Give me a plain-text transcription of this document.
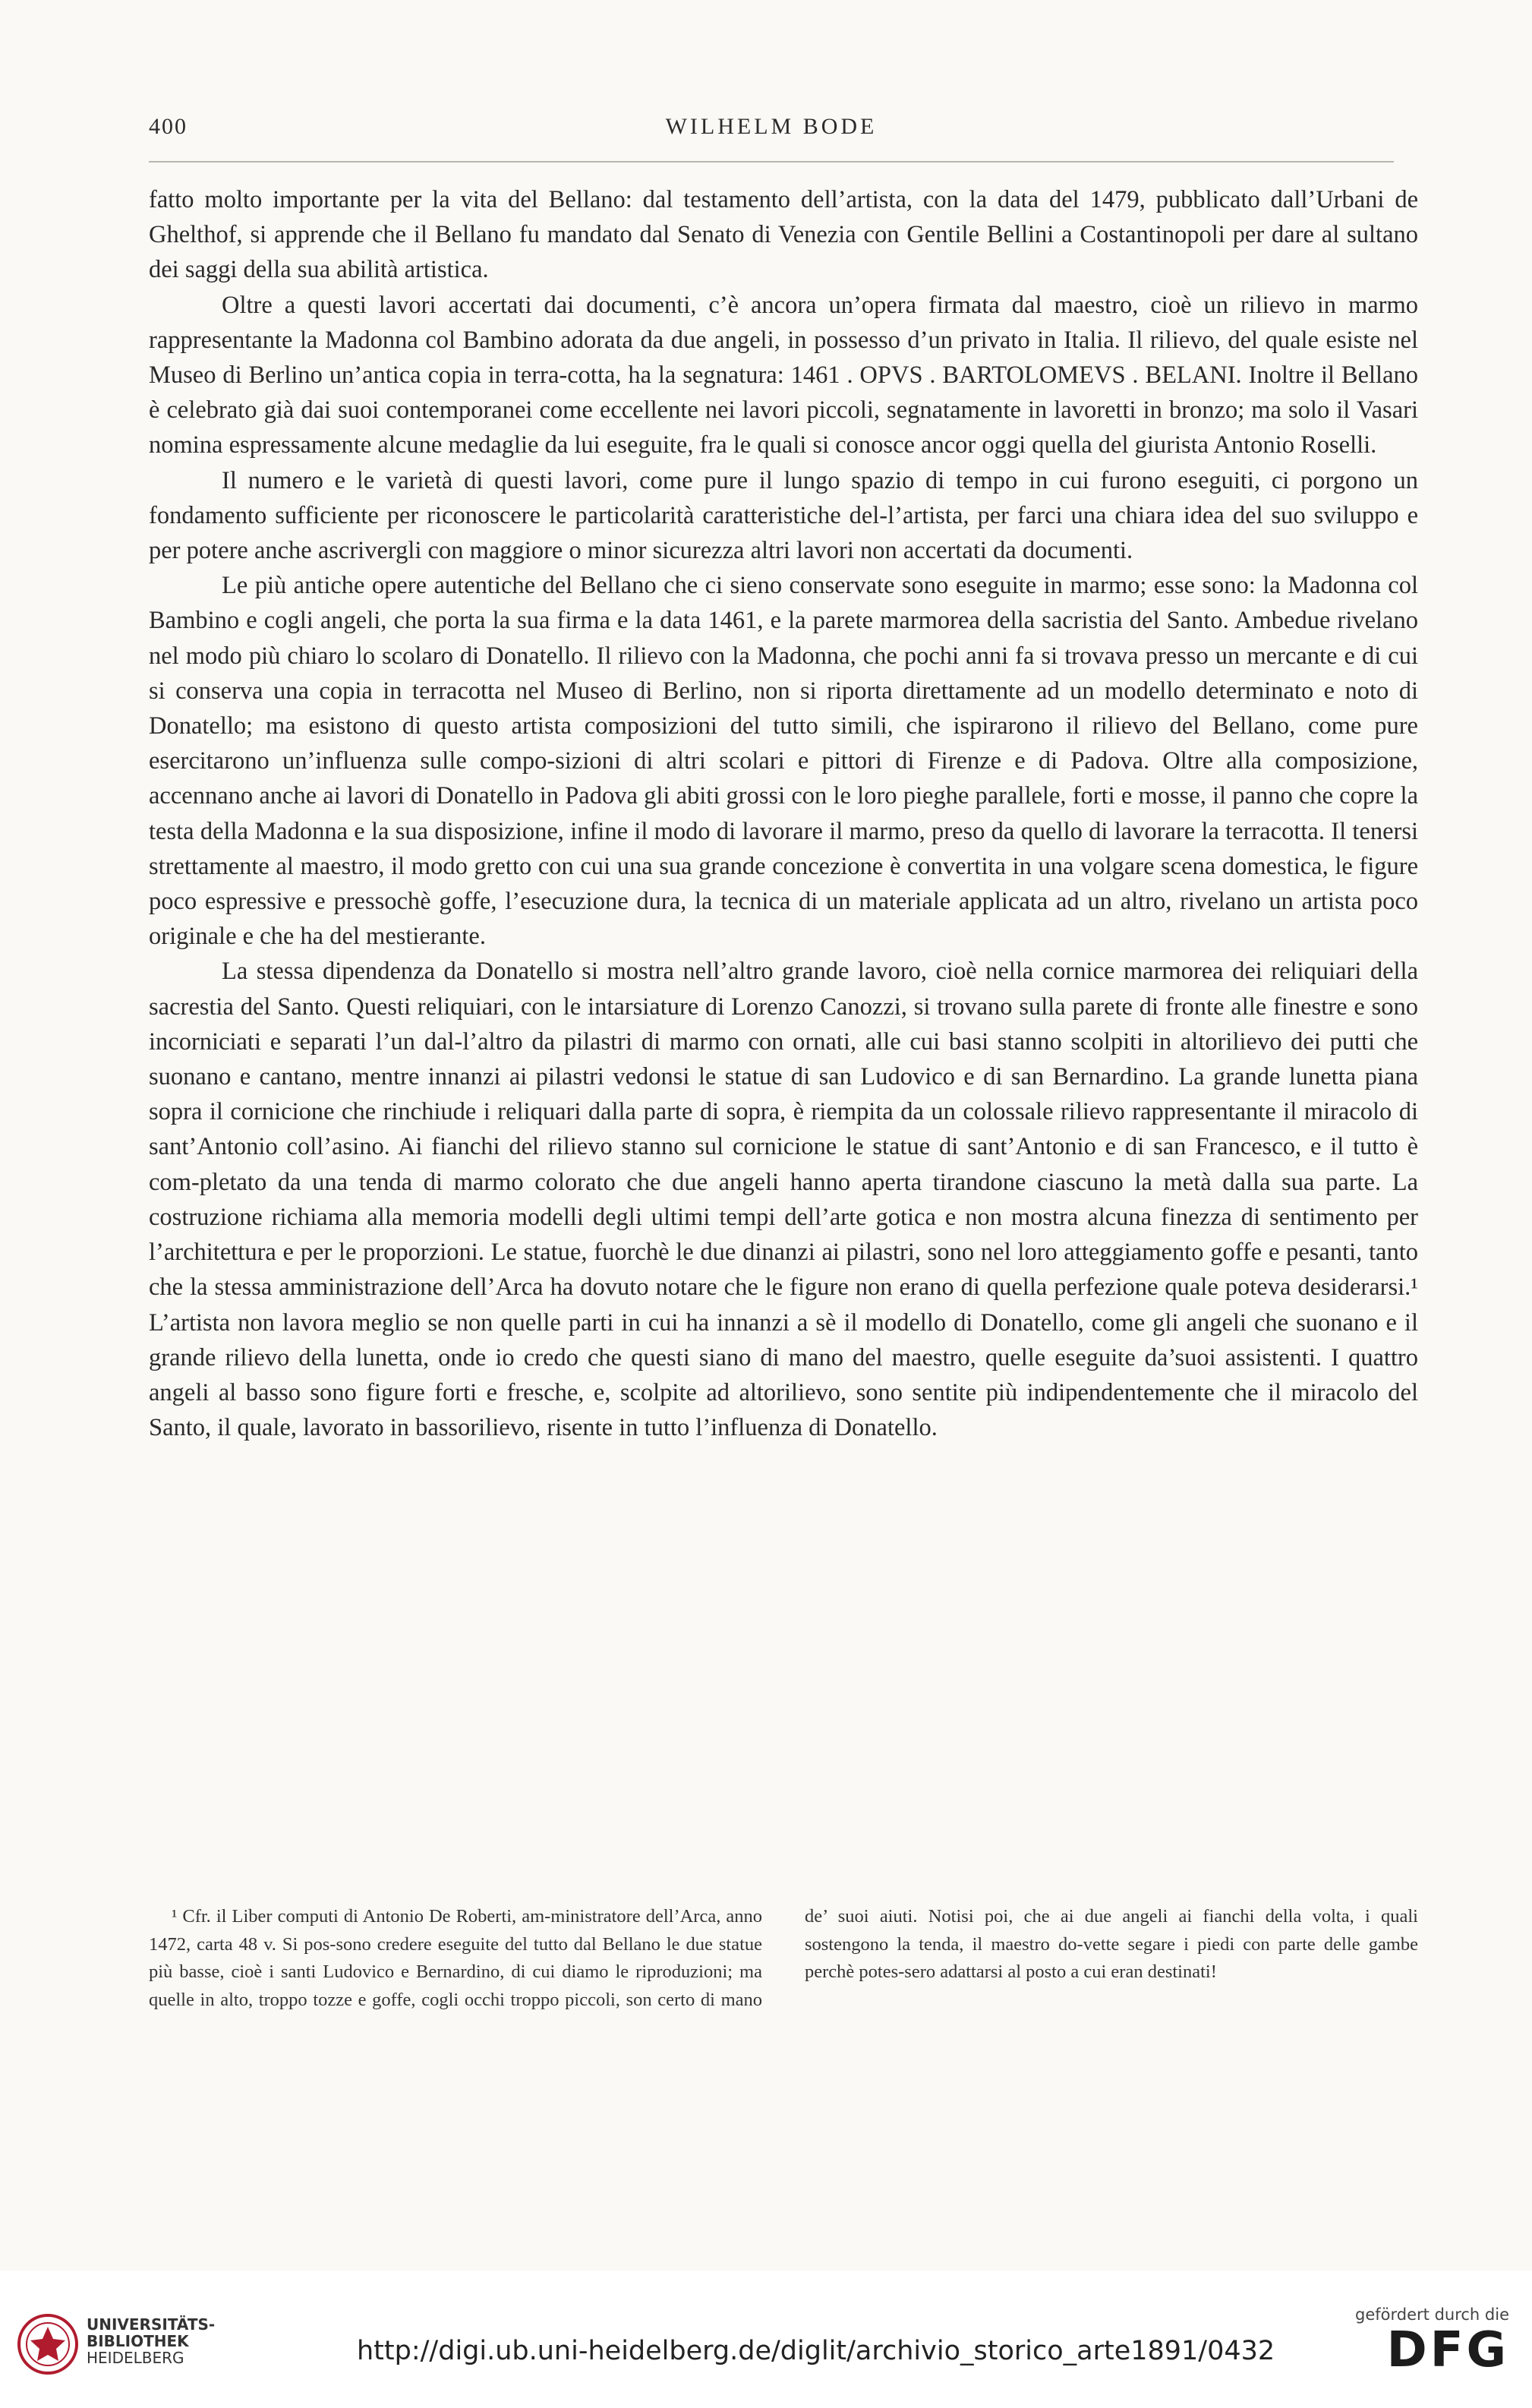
400	WILHELM BODE

fatto molto importante per la vita del Bellano: dal testamento dell’artista, con la data del 1479, pubblicato dall’Urbani de Ghelthof, si apprende che il Bellano fu mandato dal Senato di Venezia con Gentile Bellini a Costantinopoli per dare al sultano dei saggi della sua abilità artistica.

Oltre a questi lavori accertati dai documenti, c’è ancora un’opera firmata dal maestro, cioè un rilievo in marmo rappresentante la Madonna col Bambino adorata da due angeli, in possesso d’un privato in Italia. Il rilievo, del quale esiste nel Museo di Berlino un’antica copia in terra-cotta, ha la segnatura: 1461 . OPVS . BARTOLOMEVS . BELANI. Inoltre il Bellano è celebrato già dai suoi contemporanei come eccellente nei lavori piccoli, segnatamente in lavoretti in bronzo; ma solo il Vasari nomina espressamente alcune medaglie da lui eseguite, fra le quali si conosce ancor oggi quella del giurista Antonio Roselli.

Il numero e le varietà di questi lavori, come pure il lungo spazio di tempo in cui furono eseguiti, ci porgono un fondamento sufficiente per riconoscere le particolarità caratteristiche del-l’artista, per farci una chiara idea del suo sviluppo e per potere anche ascrivergli con maggiore o minor sicurezza altri lavori non accertati da documenti.

Le più antiche opere autentiche del Bellano che ci sieno conservate sono eseguite in marmo; esse sono: la Madonna col Bambino e cogli angeli, che porta la sua firma e la data 1461, e la parete marmorea della sacristia del Santo. Ambedue rivelano nel modo più chiaro lo scolaro di Donatello. Il rilievo con la Madonna, che pochi anni fa si trovava presso un mercante e di cui si conserva una copia in terracotta nel Museo di Berlino, non si riporta direttamente ad un modello determinato e noto di Donatello; ma esistono di questo artista composizioni del tutto simili, che ispirarono il rilievo del Bellano, come pure esercitarono un’influenza sulle compo-sizioni di altri scolari e pittori di Firenze e di Padova. Oltre alla composizione, accennano anche ai lavori di Donatello in Padova gli abiti grossi con le loro pieghe parallele, forti e mosse, il panno che copre la testa della Madonna e la sua disposizione, infine il modo di lavorare il marmo, preso da quello di lavorare la terracotta. Il tenersi strettamente al maestro, il modo gretto con cui una sua grande concezione è convertita in una volgare scena domestica, le figure poco espressive e pressochè goffe, l’esecuzione dura, la tecnica di un materiale applicata ad un altro, rivelano un artista poco originale e che ha del mestierante.

La stessa dipendenza da Donatello si mostra nell’altro grande lavoro, cioè nella cornice marmorea dei reliquiari della sacrestia del Santo. Questi reliquiari, con le intarsiature di Lorenzo Canozzi, si trovano sulla parete di fronte alle finestre e sono incorniciati e separati l’un dal-l’altro da pilastri di marmo con ornati, alle cui basi stanno scolpiti in altorilievo dei putti che suonano e cantano, mentre innanzi ai pilastri vedonsi le statue di san Ludovico e di san Bernardino. La grande lunetta piana sopra il cornicione che rinchiude i reliquari dalla parte di sopra, è riempita da un colossale rilievo rappresentante il miracolo di sant’Antonio coll’asino. Ai fianchi del rilievo stanno sul cornicione le statue di sant’Antonio e di san Francesco, e il tutto è com-pletato da una tenda di marmo colorato che due angeli hanno aperta tirandone ciascuno la metà dalla sua parte. La costruzione richiama alla memoria modelli degli ultimi tempi dell’arte gotica e non mostra alcuna finezza di sentimento per l’architettura e per le proporzioni. Le statue, fuorchè le due dinanzi ai pilastri, sono nel loro atteggiamento goffe e pesanti, tanto che la stessa amministrazione dell’Arca ha dovuto notare che le figure non erano di quella perfezione quale poteva desiderarsi.¹ L’artista non lavora meglio se non quelle parti in cui ha innanzi a sè il modello di Donatello, come gli angeli che suonano e il grande rilievo della lunetta, onde io credo che questi siano di mano del maestro, quelle eseguite da’suoi assistenti. I quattro angeli al basso sono figure forti e fresche, e, scolpite ad altorilievo, sono sentite più indipendentemente che il miracolo del Santo, il quale, lavorato in bassorilievo, risente in tutto l’influenza di Donatello.

¹ Cfr. il Liber computi di Antonio De Roberti, am-ministratore dell’Arca, anno 1472, carta 48 v. Si pos-sono credere eseguite del tutto dal Bellano le due statue più basse, cioè i santi Ludovico e Bernardino, di cui diamo le riproduzioni; ma quelle in alto, troppo tozze e goffe, cogli occhi troppo piccoli, son certo di mano de’ suoi aiuti. Notisi poi, che ai due angeli ai fianchi della volta, i quali sostengono la tenda, il maestro do-vette segare i piedi con parte delle gambe perchè potes-sero adattarsi al posto a cui eran destinati!

UNIVERSITÄTS-
BIBLIOTHEK
HEIDELBERG	http://digi.ub.uni-heidelberg.de/diglit/archivio_storico_arte1891/0432
gefördert durch die
DFG
